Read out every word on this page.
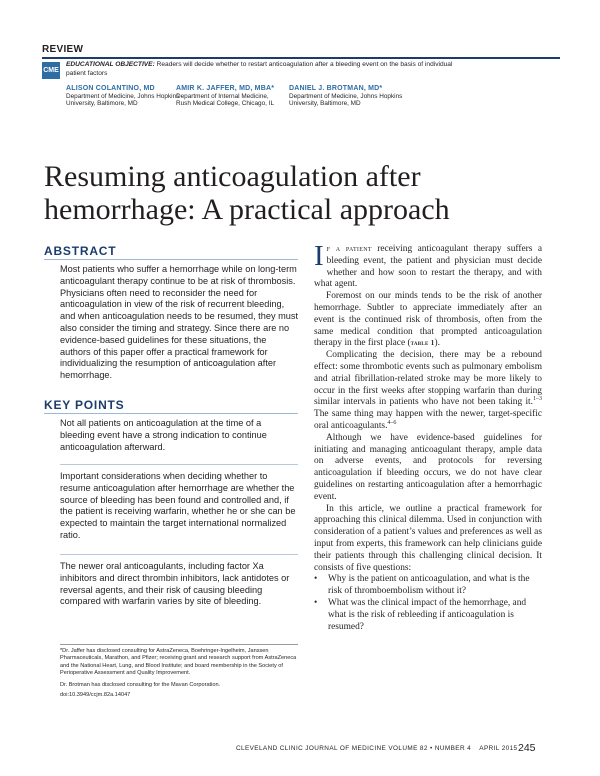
REVIEW
CME
EDUCATIONAL OBJECTIVE: Readers will decide whether to restart anticoagulation after a bleeding event on the basis of individual patient factors
ALISON COLANTINO, MD
Department of Medicine, Johns Hopkins
University, Baltimore, MD
AMIR K. JAFFER, MD, MBA*
Department of Internal Medicine,
Rush Medical College, Chicago, IL
DANIEL J. BROTMAN, MD*
Department of Medicine, Johns Hopkins
University, Baltimore, MD
Resuming anticoagulation after
hemorrhage: A practical approach
ABSTRACT
Most patients who suffer a hemorrhage while on long-term anticoagulant therapy continue to be at risk of thrombosis. Physicians often need to reconsider the need for anticoagulation in view of the risk of recurrent bleeding, and when anticoagulation needs to be resumed, they must also consider the timing and strategy. Since there are no evidence-based guidelines for these situations, the authors of this paper offer a practical framework for individualizing the resumption of anticoagulation after hemorrhage.
KEY POINTS
Not all patients on anticoagulation at the time of a bleeding event have a strong indication to continue anticoagulation afterward.
Important considerations when deciding whether to resume anticoagulation after hemorrhage are whether the source of bleeding has been found and controlled and, if the patient is receiving warfarin, whether he or she can be expected to maintain the target international normalized ratio.
The newer oral anticoagulants, including factor Xa inhibitors and direct thrombin inhibitors, lack antidotes or reversal agents, and their risk of causing bleeding compared with warfarin varies by site of bleeding.
*Dr. Jaffer has disclosed consulting for AstraZeneca, Boehringer-Ingelheim, Janssen Pharmaceuticals, Marathon, and Pfizer; receiving grant and research support from AstraZeneca and the National Heart, Lung, and Blood Institute; and board membership in the Society of Perioperative Assessment and Quality Improvement.
Dr. Brotman has disclosed consulting for the Mavan Corporation.
doi:10.3949/ccjm.82a.14047

If a patient receiving anticoagulant therapy suffers a bleeding event, the patient and physician must decide whether and how soon to restart the therapy, and with what agent.

Foremost on our minds tends to be the risk of another hemorrhage. Subtler to appreciate immediately after an event is the continued risk of thrombosis, often from the same medical condition that prompted anticoagulation therapy in the first place (table 1).

Complicating the decision, there may be a rebound effect: some thrombotic events such as pulmonary embolism and atrial fibrillation-related stroke may be more likely to occur in the first weeks after stopping warfarin than during similar intervals in patients who have not been taking it.$^{1-3}$ The same thing may happen with the newer, target-specific oral anticoagulants.$^{4-6}$

Although we have evidence-based guidelines for initiating and managing anticoagulant therapy, ample data on adverse events, and protocols for reversing anticoagulation if bleeding occurs, we do not have clear guidelines on restarting anticoagulation after a hemorrhagic event.

In this article, we outline a practical framework for approaching this clinical dilemma. Used in conjunction with consideration of a patient’s values and preferences as well as input from experts, this framework can help clinicians guide their patients through this challenging clinical decision. It consists of five questions:

• Why is the patient on anticoagulation, and what is the risk of thromboembolism without it?
• What was the clinical impact of the hemorrhage, and what is the risk of rebleeding if anticoagulation is resumed?
CLEVELAND CLINIC JOURNAL OF MEDICINE VOLUME 82 • NUMBER 4 APRIL 2015 245
